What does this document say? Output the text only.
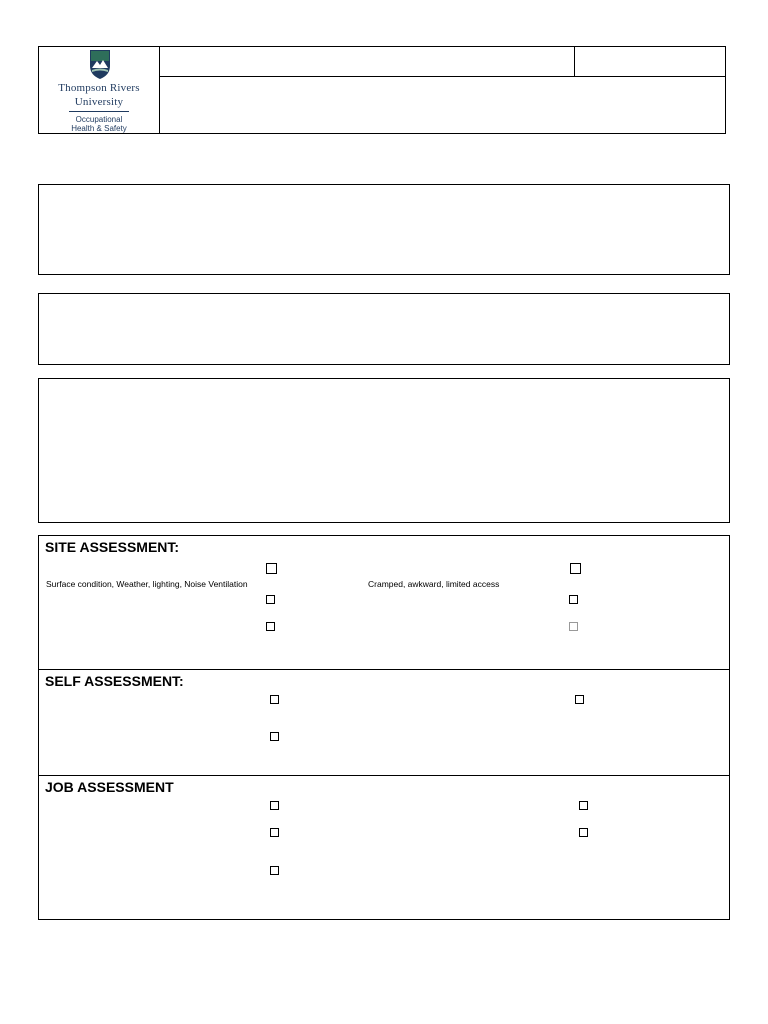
Thompson Rivers
University
Occupational
Health & Safety
SITE ASSESSMENT:
Surface condition, Weather, lighting, Noise Ventilation	Cramped, awkward, limited access
SELF ASSESSMENT:
JOB ASSESSMENT
